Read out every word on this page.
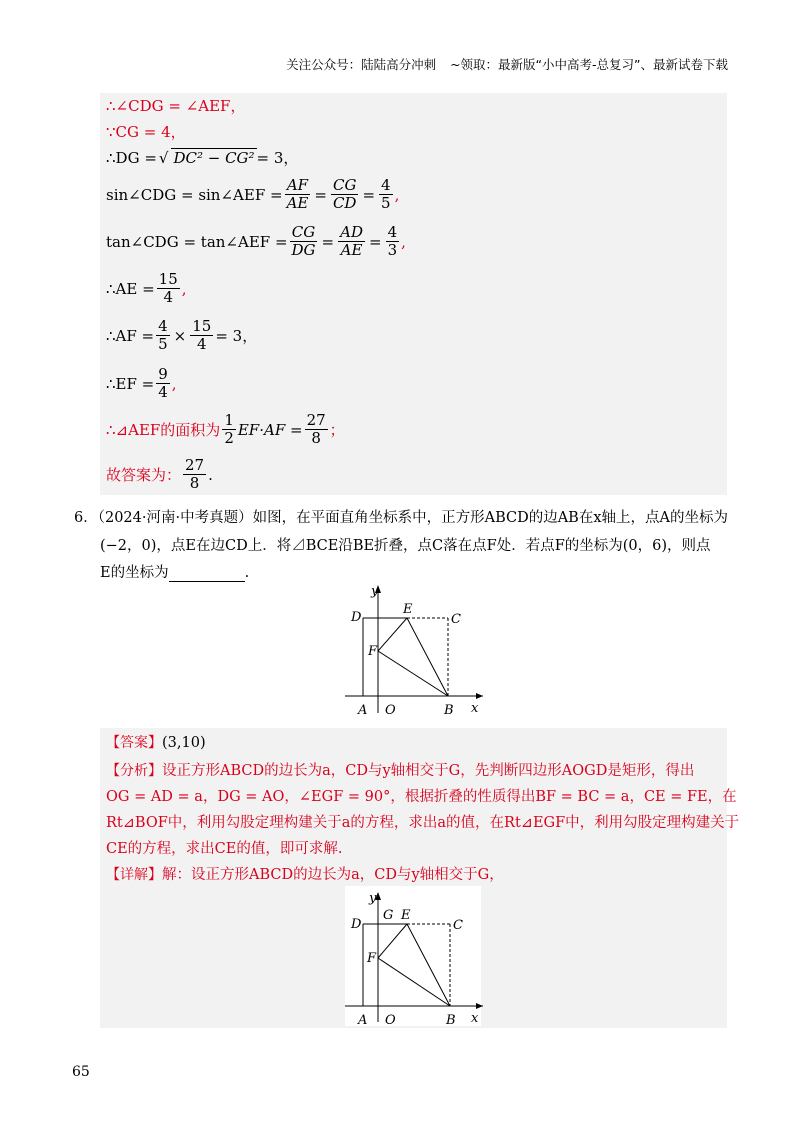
关注公众号：陆陆高分冲刺 ~领取：最新版“小中高考-总复习”、最新试卷下载
∴∠CDG = ∠AEF，
∵CG = 4，
∴DG = √ DC² − CG² = 3，
sin∠CDG = sin∠AEF = $\frac{AF}{AE} = \frac{CG}{CD} = \frac{4}{5}$ ,
tan∠CDG = tan∠AEF = $\frac{CG}{DG} = \frac{AD}{AE} = \frac{4}{3}$ ,
∴AE = $\frac{15}{4}$ ,
∴AF = $\frac{4}{5} \times \frac{15}{4} = 3$，
∴EF = $\frac{9}{4}$ ,
∴⊿AEF的面积为 $\frac{1}{2} EF\cdot AF = \frac{27}{8}$ ；
故答案为： $\frac{27}{8}$ .
6．（2024·河南·中考真题）如图，在平面直角坐标系中，正方形ABCD的边AB在x轴上，点A的坐标为
(−2，0)，点E在边CD上．将⊿BCE沿BE折叠，点C落在点F处．若点F的坐标为(0，6)，则点
E的坐标为	.
y
D
E
C
F
A O	B x
【答案】(3,10)
【分析】设正方形ABCD的边长为a，CD与y轴相交于G，先判断四边形AOGD是矩形，得出
OG = AD = a，DG = AO，∠EGF = 90°，根据折叠的性质得出BF = BC = a，CE = FE，在
Rt⊿BOF中，利用勾股定理构建关于a的方程，求出a的值，在Rt⊿EGF中，利用勾股定理构建关于
CE的方程，求出CE的值，即可求解.
【详解】解：设正方形ABCD的边长为a，CD与y轴相交于G，
y
D
G E
C
F
A O	B x
65
